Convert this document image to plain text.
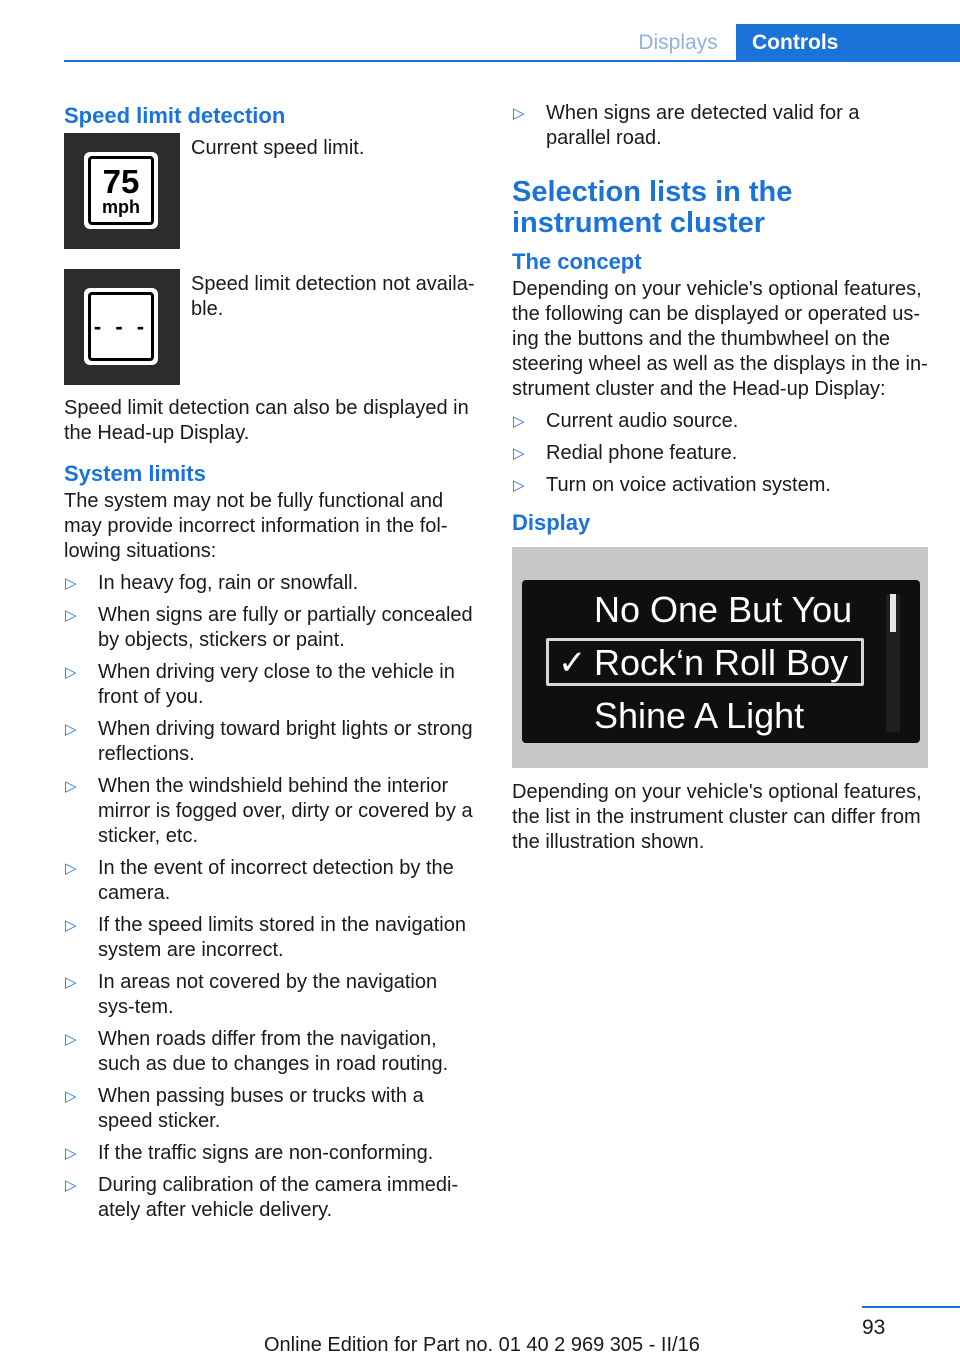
Displays	Controls
Speed limit detection
75
mph
Current speed limit.
- - -
Speed limit detection not availa-ble.

Speed limit detection can also be displayed in the Head-up Display.

System limits

The system may not be fully functional and may provide incorrect information in the fol-lowing situations:

▷ In heavy fog, rain or snowfall.
▷ When signs are fully or partially concealed by objects, stickers or paint.
▷ When driving very close to the vehicle in front of you.
▷ When driving toward bright lights or strong reflections.
▷ When the windshield behind the interior mirror is fogged over, dirty or covered by a sticker, etc.
▷ In the event of incorrect detection by the camera.
▷ If the speed limits stored in the navigation system are incorrect.
▷ In areas not covered by the navigation sys-tem.
▷ When roads differ from the navigation, such as due to changes in road routing.
▷ When passing buses or trucks with a speed sticker.
▷ If the traffic signs are non-conforming.
▷ During calibration of the camera immedi-ately after vehicle delivery.
▷ When signs are detected valid for a parallel road.
Selection lists in the instrument cluster
The concept

Depending on your vehicle's optional features, the following can be displayed or operated us-ing the buttons and the thumbwheel on the steering wheel as well as the displays in the in-strument cluster and the Head-up Display:

▷ Current audio source.
▷ Redial phone feature.
▷ Turn on voice activation system.
Display
✓
No One But You
Rock‘n Roll Boy
Shine A Light

Depending on your vehicle's optional features, the list in the instrument cluster can differ from the illustration shown.

93
Online Edition for Part no. 01 40 2 969 305 - II/16
